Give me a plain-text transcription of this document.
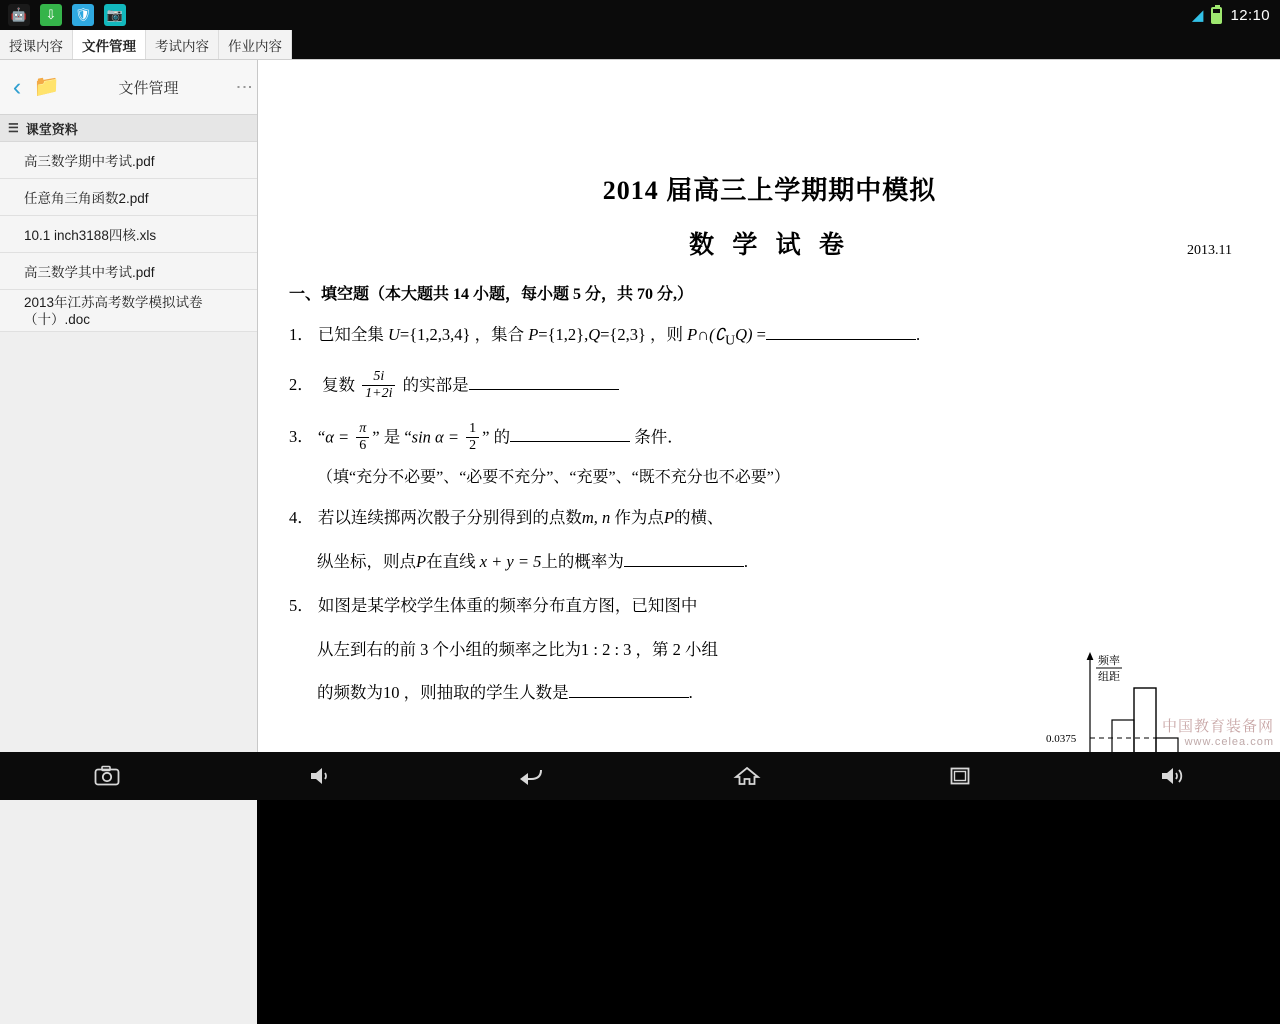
🤖	⇩	🛡 📷	◢ 12:10
授课内容	文件管理	考试内容	作业内容
‹ 📁	文件管理	⋮
☰ 课堂资料
高三数学期中考试.pdf
任意角三角函数2.pdf
10.1 inch3188四核.xls
高三数学其中考试.pdf
2013年江苏高考数学模拟试卷（十）.doc
2014 届高三上学期期中模拟
数 学 试 卷	2013.11
一、填空题（本大题共 14 小题，每小题 5 分，共 70 分,）
1． 已知全集 U={1,2,3,4} ，集合 P={1,2},Q={2,3} ，则 $P\cap(∁_UQ)$ =	.
2． 复数 $\frac{5i}{1+2i}$ 的实部是
3． “$\alpha = \frac{\pi}{6}$ ” 是 “sin $\alpha = \frac{1}{2}$ ” 的	条件．
（填“充分不必要”、“必要不充分”、“充要”、“既不充分也不必要”）
4． 若以连续掷两次骰子分别得到的点数m, n 作为点P的横、
纵坐标，则点P在直线 x + y = 5上的概率为	.
5． 如图是某学校学生体重的频率分布直方图，已知图中
从左到右的前 3 个小组的频率之比为1 : 2 : 3 ，第 2 小组
的频数为10 ，则抽取的学生人数是	.
频率
组距
0.0375
50 55 60 65 70 75 体重
中国教育装备网
www.celea.com
